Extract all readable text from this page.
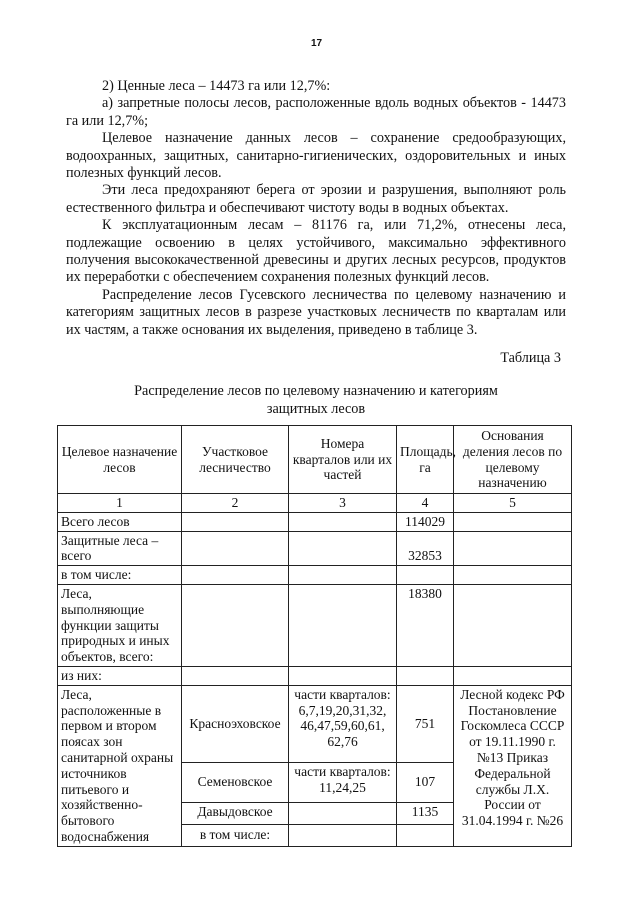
17

2) Ценные леса – 14473 га или 12,7%:

а) запретные полосы лесов, расположенные вдоль водных объектов - 14473 га или 12,7%;

Целевое назначение данных лесов – сохранение средообразующих, водоохранных, защитных, санитарно-гигиенических, оздоровительных и иных полезных функций лесов.

Эти леса предохраняют берега от эрозии и разрушения, выполняют роль естественного фильтра и обеспечивают чистоту воды в водных объектах.

К эксплуатационным лесам – 81176 га, или 71,2%, отнесены леса, подлежащие освоению в целях устойчивого, максимально эффективного получения высококачественной древесины и других лесных ресурсов, продуктов их переработки с обеспечением сохранения полезных функций лесов.

Распределение лесов Гусевского лесничества по целевому назначению и категориям защитных лесов в разрезе участковых лесничеств по кварталам или их частям, а также основания их выделения, приведено в таблице 3.

Таблица 3
Распределение лесов по целевому назначению и категориям
защитных лесов
Целевое назначение лесов	Участковое лесничество	Номера кварталов или их частей	Площадь, га	Основания деления лесов по целевому назначению
1	2	3	4	5
Всего лесов			114029	
Защитные леса – всего			32853	
в том числе:				
Леса, выполняющие функции защиты природных и иных объектов, всего:			18380	
из них:				
Леса, расположенные в первом и втором поясах зон санитарной охраны источников питьевого и хозяйственно-бытового водоснабжения	Красноэховское	части кварталов: 6,7,19,20,31,32, 46,47,59,60,61, 62,76	751	Лесной кодекс РФ Постановление Госкомлеса СССР от 19.11.1990 г. №13 Приказ Федеральной службы Л.Х. России от 31.04.1994 г. №26
	Семеновское	части кварталов: 11,24,25	107	
	Давыдовское		1135	
	в том числе:			
